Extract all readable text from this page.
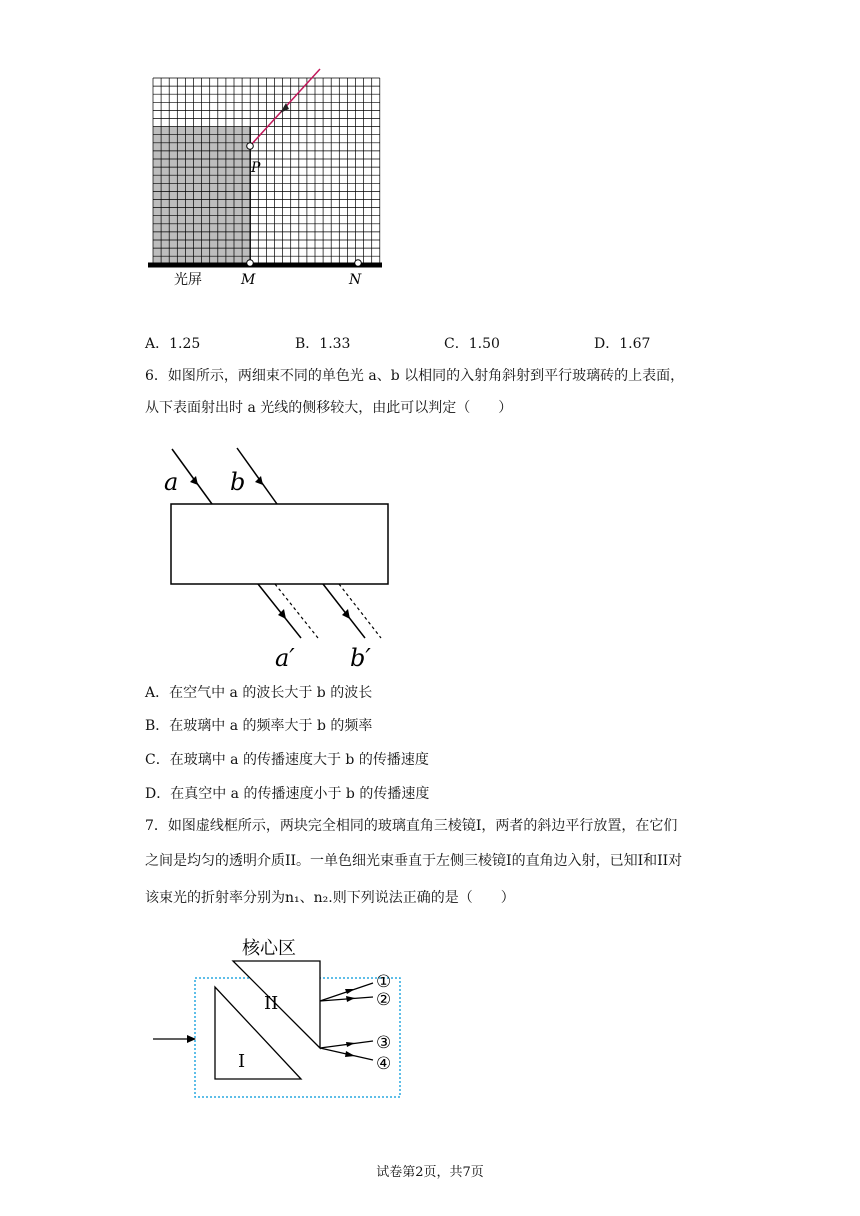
P
光屏	M	N
A．1.25	B．1.33	C．1.50	D．1.67
6．如图所示，两细束不同的单色光 a、b 以相同的入射角斜射到平行玻璃砖的上表面，
从下表面射出时 a 光线的侧移较大，由此可以判定（　　）
a b
a′ b′
A．在空气中 a 的波长大于 b 的波长
B．在玻璃中 a 的频率大于 b 的频率
C．在玻璃中 a 的传播速度大于 b 的传播速度
D．在真空中 a 的传播速度小于 b 的传播速度
7．如图虚线框所示，两块完全相同的玻璃直角三棱镜I，两者的斜边平行放置，在它们
之间是均匀的透明介质II。一单色细光束垂直于左侧三棱镜I的直角边入射，已知I和II对
该束光的折射率分别为n₁、n₂.则下列说法正确的是（　　）
核心区
I
II
①
②
③
④
试卷第2页，共7页
